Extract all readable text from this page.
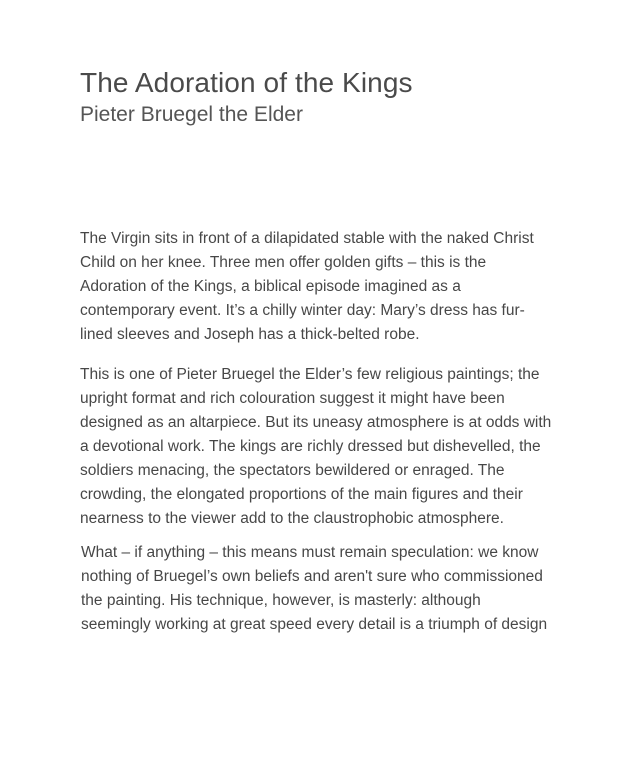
The Adoration of the Kings
Pieter Bruegel the Elder

The Virgin sits in front of a dilapidated stable with the naked Christ Child on her knee. Three men offer golden gifts – this is the Adoration of the Kings, a biblical episode imagined as a contemporary event. It’s a chilly winter day: Mary’s dress has fur-lined sleeves and Joseph has a thick-belted robe.

This is one of Pieter Bruegel the Elder’s few religious paintings; the upright format and rich colouration suggest it might have been designed as an altarpiece. But its uneasy atmosphere is at odds with a devotional work. The kings are richly dressed but dishevelled, the soldiers menacing, the spectators bewildered or enraged. The crowding, the elongated proportions of the main figures and their nearness to the viewer add to the claustrophobic atmosphere.

What – if anything – this means must remain speculation: we know nothing of Bruegel’s own beliefs and aren't sure who commissioned the painting. His technique, however, is masterly: although seemingly working at great speed every detail is a triumph of design
